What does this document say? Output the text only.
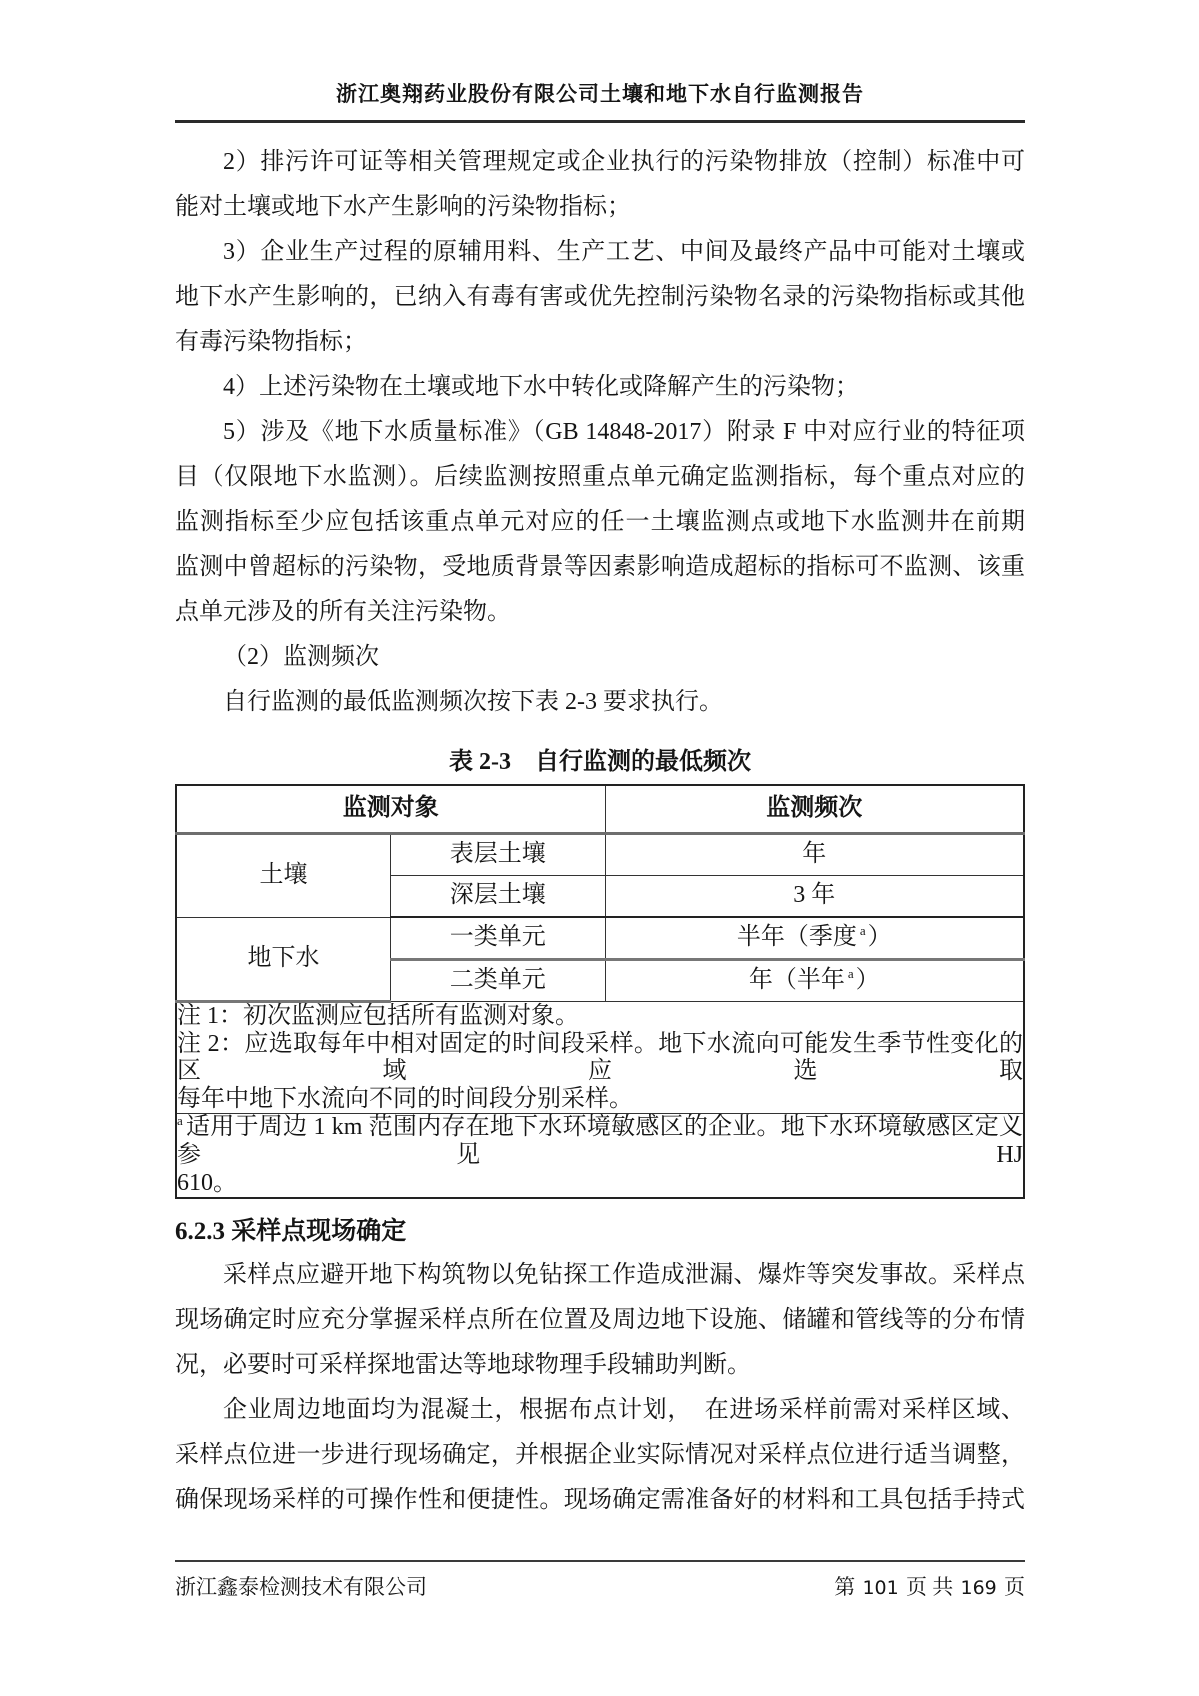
浙江奥翔药业股份有限公司土壤和地下水自行监测报告
2）排污许可证等相关管理规定或企业执行的污染物排放（控制）标准中可
能对土壤或地下水产生影响的污染物指标；
3）企业生产过程的原辅用料、生产工艺、中间及最终产品中可能对土壤或
地下水产生影响的，已纳入有毒有害或优先控制污染物名录的污染物指标或其他
有毒污染物指标；
4）上述污染物在土壤或地下水中转化或降解产生的污染物；
5）涉及《地下水质量标准》（GB 14848-2017）附录 F 中对应行业的特征项
目（仅限地下水监测）。后续监测按照重点单元确定监测指标，每个重点对应的
监测指标至少应包括该重点单元对应的任一土壤监测点或地下水监测井在前期
监测中曾超标的污染物，受地质背景等因素影响造成超标的指标可不监测、该重
点单元涉及的所有关注污染物。
（2）监测频次
自行监测的最低监测频次按下表 2-3 要求执行。
表 2-3　自行监测的最低频次
监测对象		监测频次
土壤	表层土壤	年
	深层土壤	3 年
地下水	一类单元	半年（季度 $^a$）
	二类单元	年（半年 $^a$）

注 1：初次监测应包括所有监测对象。
注 2：应选取每年中相对固定的时间段采样。地下水流向可能发生季节性变化的区域应选取
每年中地下水流向不同的时间段分别采样。		

$^a$ 适用于周边 1 km 范围内存在地下水环境敏感区的企业。地下水环境敏感区定义参见 HJ
610。		
6.2.3 采样点现场确定
采样点应避开地下构筑物以免钻探工作造成泄漏、爆炸等突发事故。采样点
现场确定时应充分掌握采样点所在位置及周边地下设施、储罐和管线等的分布情
况，必要时可采样探地雷达等地球物理手段辅助判断。
企业周边地面均为混凝土，根据布点计划，　在进场采样前需对采样区域、
采样点位进一步进行现场确定，并根据企业实际情况对采样点位进行适当调整，
确保现场采样的可操作性和便捷性。现场确定需准备好的材料和工具包括手持式
浙江鑫泰检测技术有限公司	第 101 页 共 169 页
